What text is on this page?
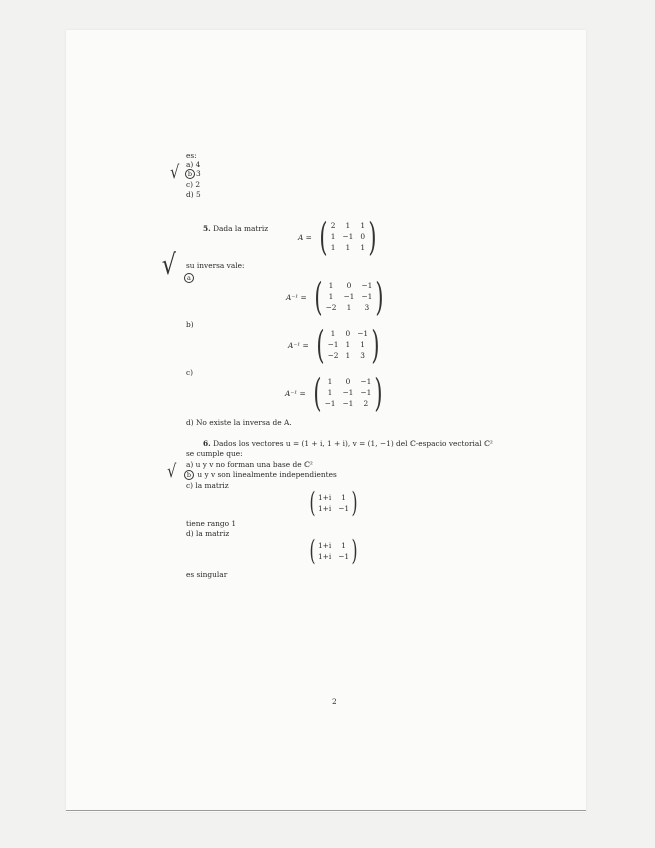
es:
a) 4
b 3
c) 2
d) 5
√
5. Dada la matriz
A = ( 2	1	1
1 −1 0
1	1	1 )
su inversa vale:
a
√
A⁻¹ = ( 1	0	−1
1	−1 −1
−2	1	3 )
b)
A⁻¹ = ( 1	0 −1
−1 1	1
−2 1	3 )
c)
A⁻¹ = ( 1	0	−1
1	−1 −1
−1 −1	2 )
d) No existe la inversa de A.
6. Dados los vectores u = (1 + i, 1 + i), v = (1, −1) del ℂ-espacio vectorial ℂ²
se cumple que:
a) u y v no forman una base de ℂ²
b u y v son linealmente independientes
√
c) la matriz
( 1+i	1
1+i −1 )
tiene rango 1
d) la matriz
( 1+i	1
1+i −1 )
es singular
2
